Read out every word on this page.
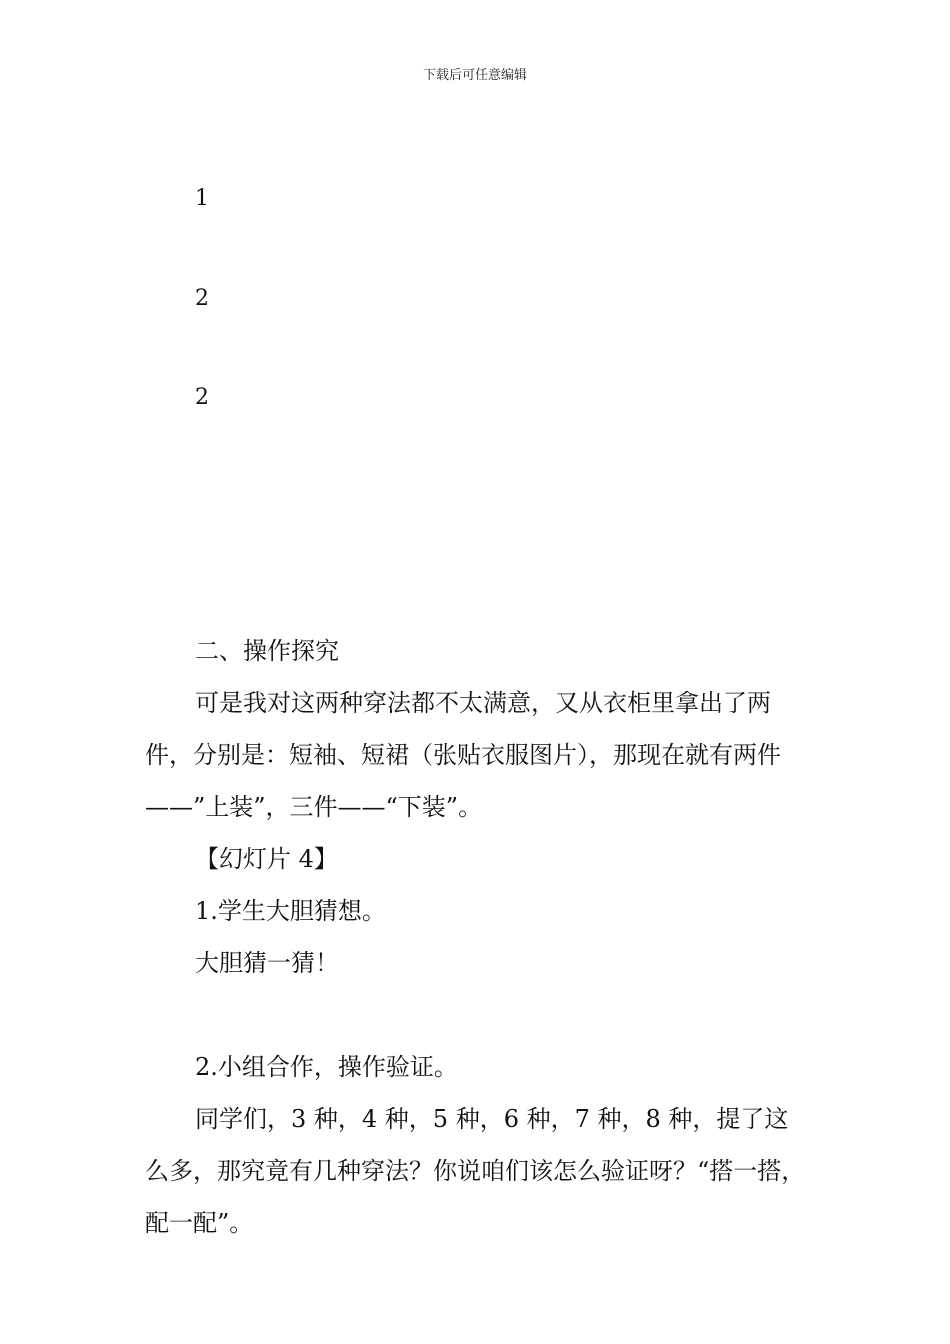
下载后可任意编辑
1
2
2

二、操作探究

可是我对这两种穿法都不太满意，又从衣柜里拿出了两件，分别是：短袖、短裙（张贴衣服图片），那现在就有两件——”上装”，三件——“下装”。

【幻灯片 4】

1.学生大胆猜想。

大胆猜一猜！

2.小组合作，操作验证。

同学们，3 种，4 种，5 种，6 种，7 种，8 种，提了这么多，那究竟有几种穿法？你说咱们该怎么验证呀？“搭一搭，配一配”。
